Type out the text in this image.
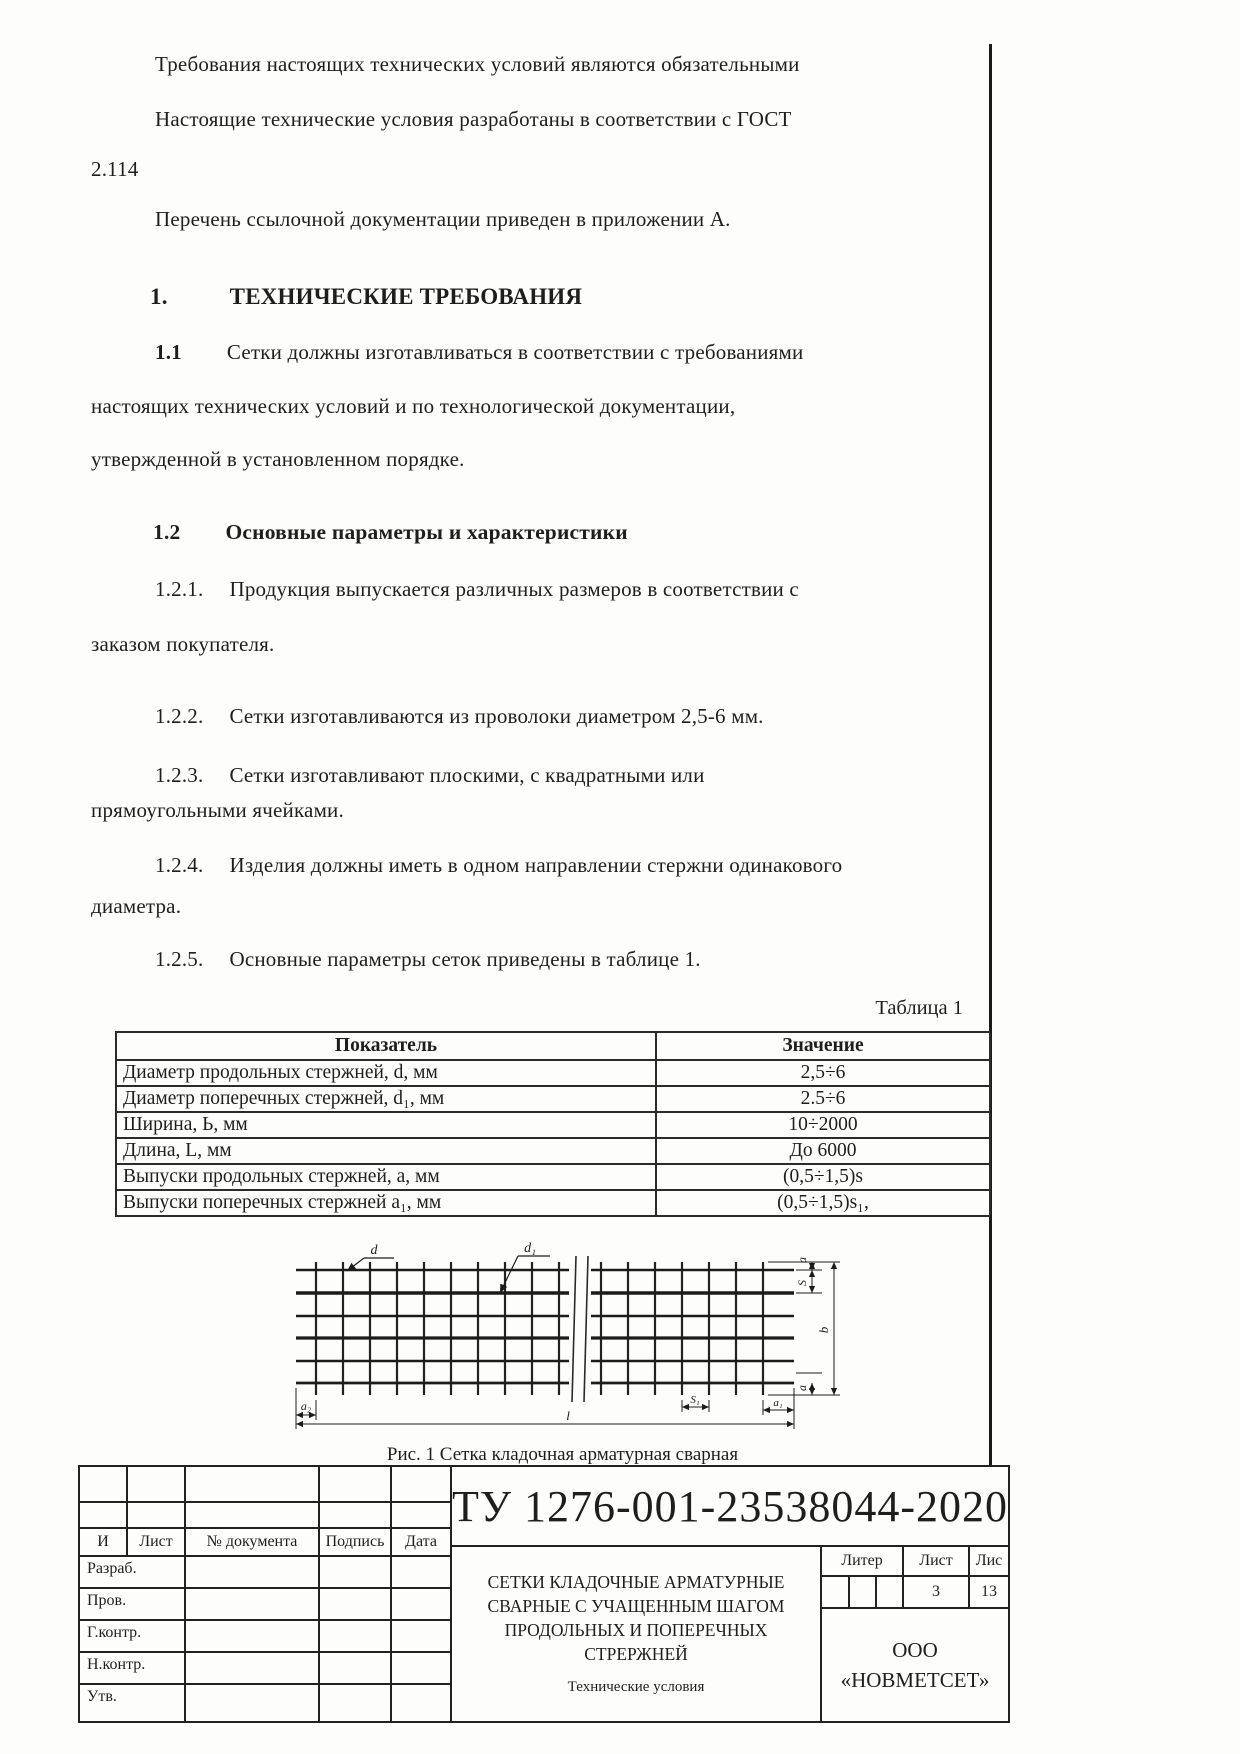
Требования настоящих технических условий являются обязательными
Настоящие технические условия разработаны в соответствии с ГОСТ
2.114
Перечень ссылочной документации приведен в приложении А.
1.	ТЕХНИЧЕСКИЕ ТРЕБОВАНИЯ
1.1 Сетки должны изготавливаться в соответствии с требованиями
настоящих технических условий и по технологической документации,
утвержденной в установленном порядке.
1.2 Основные параметры и характеристики
1.2.1. Продукция выпускается различных размеров в соответствии с
заказом покупателя.
1.2.2. Сетки изготавливаются из проволоки диаметром 2,5-6 мм.
1.2.3. Сетки изготавливают плоскими, с квадратными или
прямоугольными ячейками.
1.2.4. Изделия должны иметь в одном направлении стержни одинакового
диаметра.
1.2.5. Основные параметры сеток приведены в таблице 1.
Таблица 1
Показатель	Значение
Диаметр продольных стержней, d, мм	2,5÷6
Диаметр поперечных стержней, d₁, мм	2.5÷6
Ширина, Ь, мм	10÷2000
Длина, L, мм	До 6000
Выпуски продольных стержней, а, мм	(0,5÷1,5)s
Выпуски поперечных стержней а₁, мм	(0,5÷1,5)s₁,
d	d₁
a
S
b
a
a₁
S₁
a₂
l
Рис. 1 Сетка кладочная арматурная сварная
И	Лист	№ документа	Подпись	Дата
Разраб.
Пров.
Г.контр.
Н.контр.
Утв.
ТУ 1276-001-23538044-2020
СЕТКИ КЛАДОЧНЫЕ АРМАТУРНЫЕ
СВАРНЫЕ С УЧАЩЕННЫМ ШАГОМ
ПРОДОЛЬНЫХ И ПОПЕРЕЧНЫХ СТРЕРЖНЕЙ
Технические условия
Литер	Лист	Лис
3	13
ООО
«НОВМЕТСЕТ»
